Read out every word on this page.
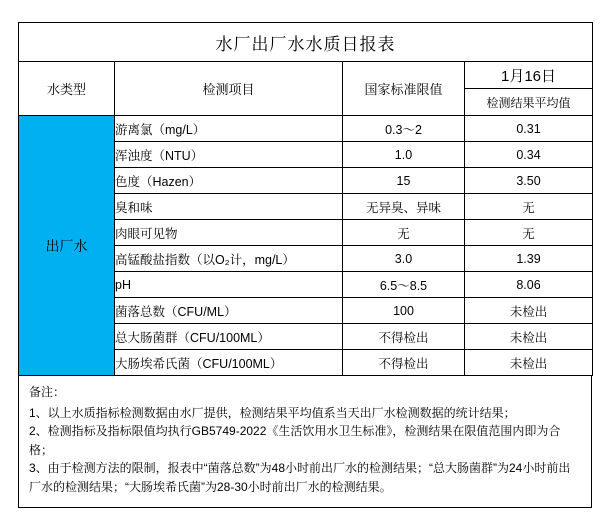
水厂出厂水水质日报表			
水类型	检测项目	国家标准限值	1月16日
			检测结果平均值
出厂水	游离氯（mg/L）	0.3～2	0.31
	浑浊度（NTU）	1.0	0.34
	色度（Hazen）	15	3.50
	臭和味	无异臭、异味	无
	肉眼可见物	无	无
	高锰酸盐指数（以O₂计，mg/L）	3.0	1.39
	pH	6.5～8.5	8.06
	菌落总数（CFU/ML）	100	未检出
	总大肠菌群（CFU/100ML）	不得检出	未检出
	大肠埃希氏菌（CFU/100ML）	不得检出	未检出
备注：
1、以上水质指标检测数据由水厂提供，检测结果平均值系当天出厂水检测数据的统计结果；
2、检测指标及指标限值均执行GB5749-2022《生活饮用水卫生标准》，检测结果在限值范围内即为合格；
3、由于检测方法的限制，报表中“菌落总数”为48小时前出厂水的检测结果；“总大肠菌群”为24小时前出厂水的检测结果；“大肠埃希氏菌”为28-30小时前出厂水的检测结果。
